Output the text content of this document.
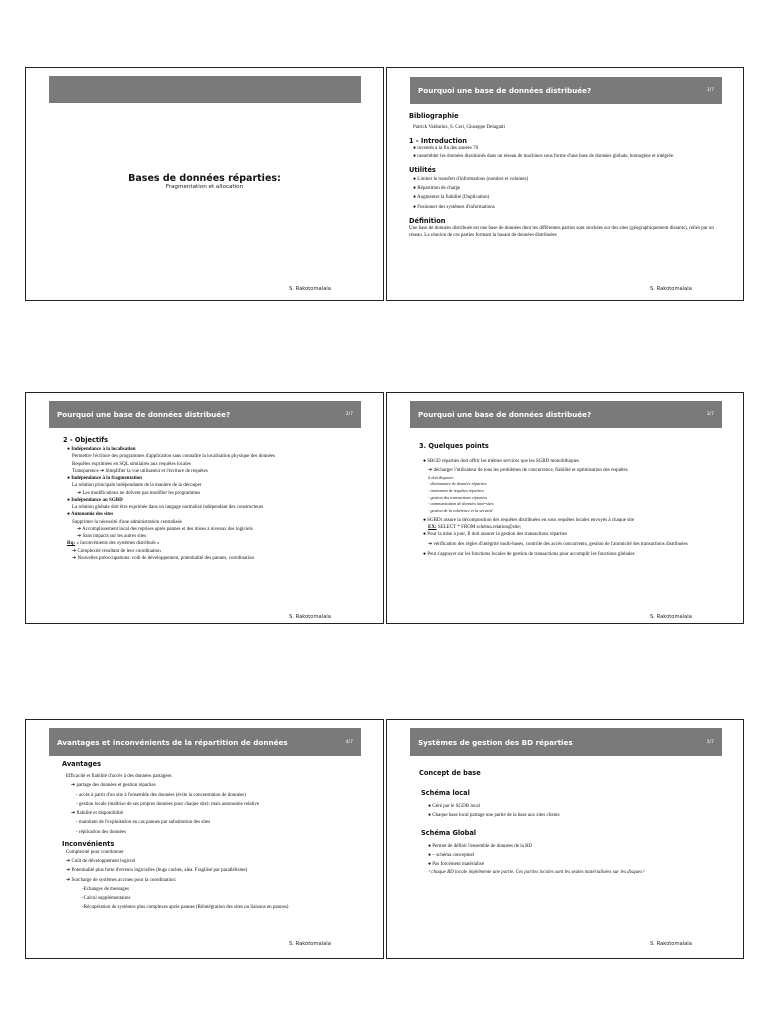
Bases de données réparties:
Fragmentation et allocation
S. Rakotomalala
Pourquoi une base de données distribuée?	1/7

Bibliographie

Patrick Valduriez, S. Ceri, Giuseppe Delagatti

1 - Introduction

● inventés à la fin des années 70

● rassembler les données dissiminés dans un réseau de machines sous forme d'une base de données globale, homogène et intégrée.

Utilités

● Limiter le transfert d'informations (nombre et volumes)

● Répartition de charge

● Augmenter la fiabilité (Duplication)

● Fusionner des systèmes d'informations

Définition

Une base de données distribuée est une base de données dont les différentes parties sont stockées sur des sites (géographiquement distants), reliés par un réseau. La réunion de ces parties formant la basant de données distribuées

S. Rakotomalala
Pourquoi une base de données distribuée?	2/7

2 - Objectifs

● Indépendance à la localisation

Permettre l'écriture des programmes d'application sans connaître la localisation physique des données

Requêtes exprimées en SQL similaires aux requêtes locales

Transparence ➔ Simplifier la vue utilisateur et l'écriture de requêtes

● Indépendance à la fragmentation

La relation principale indépendante de la manière de la découper

➔ Les modifications ne doivent pas modifier les programmes

● Indépendance au SGBD

La relation globale doit être exprimée dans un langage normalisé indépendant des constructeurs

● Autonomie des sites

Supprimer la nécessité d'une administration centralisée

➔ Accomplissement local des reprises après pannes et des mises à niveaux des logiciels

➔ Sans impacts sur les autres sites

Rq: « inconvénients des systèmes distribués »

➔ Complexité résultant de leur coordination

➔ Nouvelles préoccupations: coût de développement, potentialité des pannes, coordination

S. Rakotomalala
Pourquoi une base de données distribuée?	3/7

3. Quelques points

● SBGD réparties doit offrir les mêmes services que les SGBD monolithiques

➔ décharger l'utilisateur de tous les problèmes de concurrence, fiabilité et optimisation des requêtes

il doit disposer:

- dictionnaire de données réparties

- traitement de requêtes réparties

- gestion des transactions réparties

- communication de données inter-sites

- gestion de la cohérence et la sécurité

● SGBDr assure la décomposition des requêtes distribuées en sous requêtes locales envoyés à chaque site

EX: SELECT * FROM schéma.relation@site;

● Pour la mise à jour, Il doit assurer la gestion des transactions réparties

➔ vérification des règles d'intégrité multi-bases, contrôle des accès concurrents, gestion de l'atomicité des transactions distribuées

● Peut s'appuyer sur les fonctions locales de gestion de transactions pour accomplir les fonctions globales

S. Rakotomalala
Avantages et inconvénients de la répartition de données	4/7

Avantages

Efficacité et fiabilité d'accès à des données partagées

➔ partage des données et gestion réparties

- accès à partir d'un site à l'ensemble des données (évite la concentration de données)

- gestion locale (maîtrise de ses propres données pour chaque site): mais autonomie relative

➔ fiabilité et disponibilité

- maintient de l'exploitation en cas pannes par substitution des sites

- réplication des données

Inconvénients

Complexité pour coordonner

➔ Coût de développement logiciel

➔ Potentialité plus forte d'erreurs logicielles (bugs cachés, aléa. Fragilisé par parallélisme)

➔ Surcharge de systèmes accrues pour la coordination:

-Echanges de messages

-Calcul supplémentaires

-Récupération de systèmes plus complexes après pannes (Réintégration des sites ou liaisons en pannes)

S. Rakotomalala
Systèmes de gestion des BD réparties	5/7

Concept de base

Schéma local

● Géré par le SGDB local

● Chaque base local partage une partie de la base aux sites clients

Schéma Global

● Permet de définir l'ensemble de données de la BD

● ~ schéma conceptuel

● Pas forcément matérialisé

<chaque BD locale implémente une partie. Ces parties locales sont les seules matérialisées sur les disques>

S. Rakotomalala
